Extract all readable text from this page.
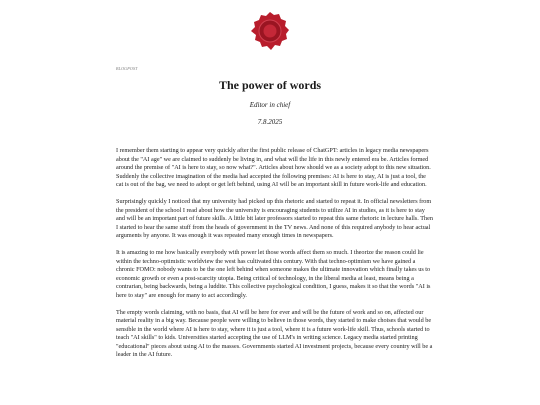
BLOGPOST
The power of words
Editor in chief
7.8.2025

I remember them starting to appear very quickly after the first public release of ChatGPT: articles in legacy media newspapers about the "AI age" we are claimed to suddenly be living in, and what will the life in this newly entered era be. Articles formed around the premise of "AI is here to stay, so now what?". Articles about how should we as a society adopt to this new situation. Suddenly the collective imagination of the media had accepted the following premises: AI is here to stay, AI is just a tool, the cat is out of the bag, we need to adopt or get left behind, using AI will be an important skill in future work-life and education.

Surprisingly quickly I noticed that my university had picked up this rhetoric and started to repeat it. In official newsletters from the president of the school I read about how the university is encouraging students to utilize AI in studies, as it is here to stay and will be an important part of future skills. A little bit later professors started to repeat this same rhetoric in lecture halls. Then I started to hear the same stuff from the heads of government in the TV news. And none of this required anybody to hear actual arguments by anyone. It was enough it was repeated many enough times in newspapers.

It is amazing to me how basically everybody with power let those words affect them so much. I theorize the reason could lie within the techno-optimistic worldview the west has cultivated this century. With that techno-optimism we have gained a chronic FOMO: nobody wants to be the one left behind when someone makes the ultimate innovation which finally takes us to economic growth or even a post-scarcity utopia. Being critical of technology, in the liberal media at least, means being a contrarian, being backwards, being a luddite. This collective psychological condition, I guess, makes it so that the words "AI is here to stay" are enough for many to act accordingly.

The empty words claiming, with no basis, that AI will be here for ever and will be the future of work and so on, affected our material reality in a big way. Because people were willing to believe in those words, they started to make choises that would be sensible in the world where AI is here to stay, where it is just a tool, where it is a future work-life skill. Thus, schools started to teach "AI skills" to kids. Universities started accepting the use of LLM's in writing science. Legacy media started printing "educational" pieces about using AI to the masses. Governments started AI investment projects, because every country will be a leader in the AI future.
